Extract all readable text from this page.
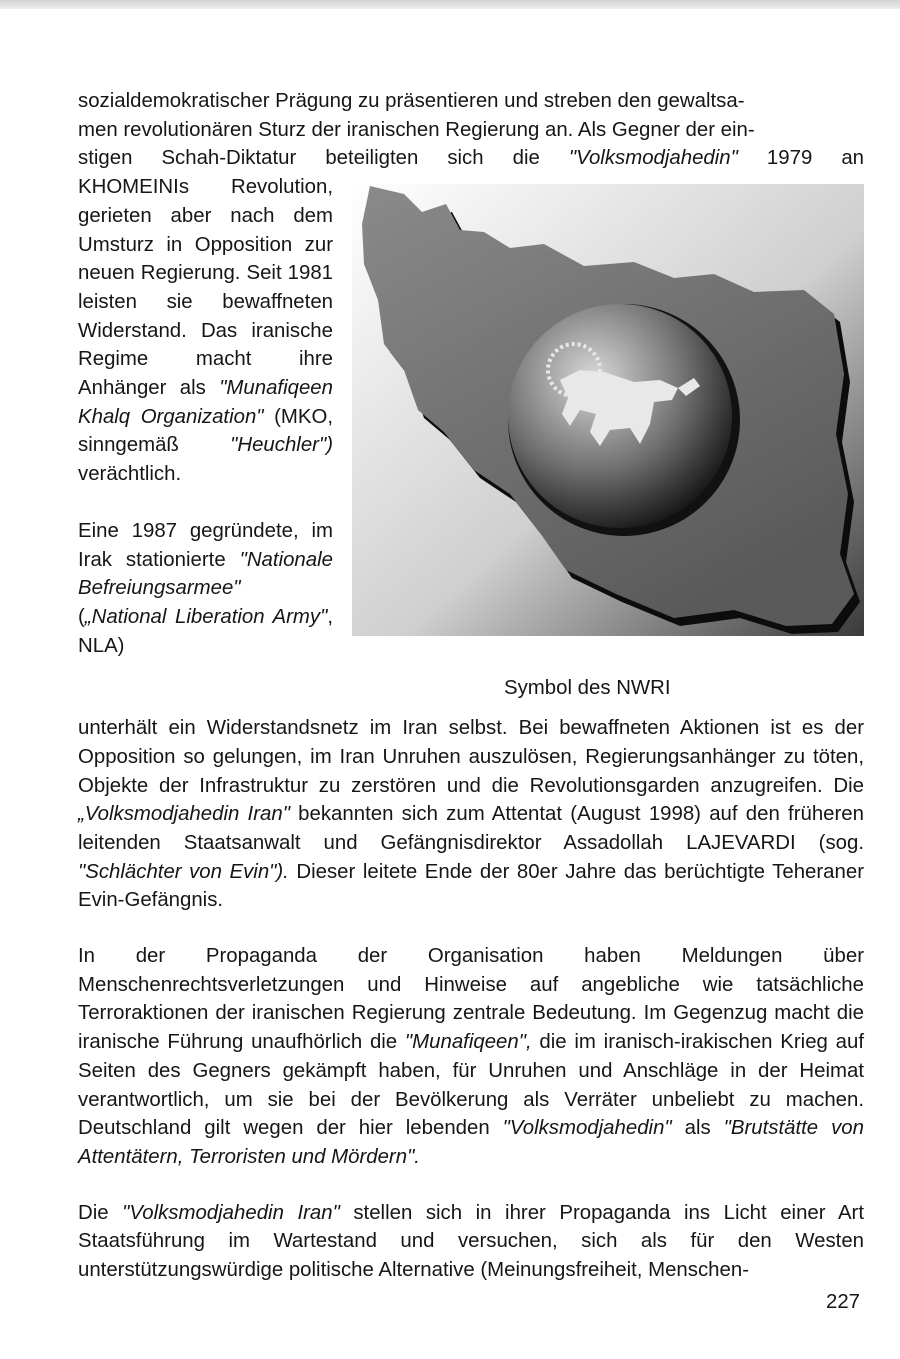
sozialdemokratischer Prägung zu präsentieren und streben den gewaltsa-

men revolutionären Sturz der iranischen Regierung an. Als Gegner der ein-

stigen Schah-Diktatur beteiligten sich die "Volksmodjahedin" 1979 an

Symbol des NWRI

KHOMEINIs Revolution, gerieten aber nach dem Umsturz in Opposition zur neuen Regierung. Seit 1981 leisten sie bewaffneten Widerstand. Das iranische Regime macht ihre Anhänger als "Munafiqeen Khalq Organization" (MKO, sinngemäß "Heuchler") verächtlich.

Eine 1987 gegründete, im Irak stationierte "Nationale Befreiungsarmee" („National Liberation Army", NLA)

unterhält ein Widerstandsnetz im Iran selbst. Bei bewaffneten Aktionen ist es der Opposition so gelungen, im Iran Unruhen auszulösen, Regierungsanhänger zu töten, Objekte der Infrastruktur zu zerstören und die Revolutionsgarden anzugreifen. Die „Volksmodjahedin Iran" bekannten sich zum Attentat (August 1998) auf den früheren leitenden Staatsanwalt und Gefängnisdirektor Assadollah LAJEVARDI (sog. "Schlächter von Evin"). Dieser leitete Ende der 80er Jahre das berüchtigte Teheraner Evin-Gefängnis.

In der Propaganda der Organisation haben Meldungen über Menschenrechtsverletzungen und Hinweise auf angebliche wie tatsächliche Terroraktionen der iranischen Regierung zentrale Bedeutung. Im Gegenzug macht die iranische Führung unaufhörlich die "Munafiqeen", die im iranisch-irakischen Krieg auf Seiten des Gegners gekämpft haben, für Unruhen und Anschläge in der Heimat verantwortlich, um sie bei der Bevölkerung als Verräter unbeliebt zu machen. Deutschland gilt wegen der hier lebenden "Volksmodjahedin" als "Brutstätte von Attentätern, Terroristen und Mördern".

Die "Volksmodjahedin Iran" stellen sich in ihrer Propaganda ins Licht einer Art Staatsführung im Wartestand und versuchen, sich als für den Westen unterstützungswürdige politische Alternative (Meinungsfreiheit, Menschen-

227
